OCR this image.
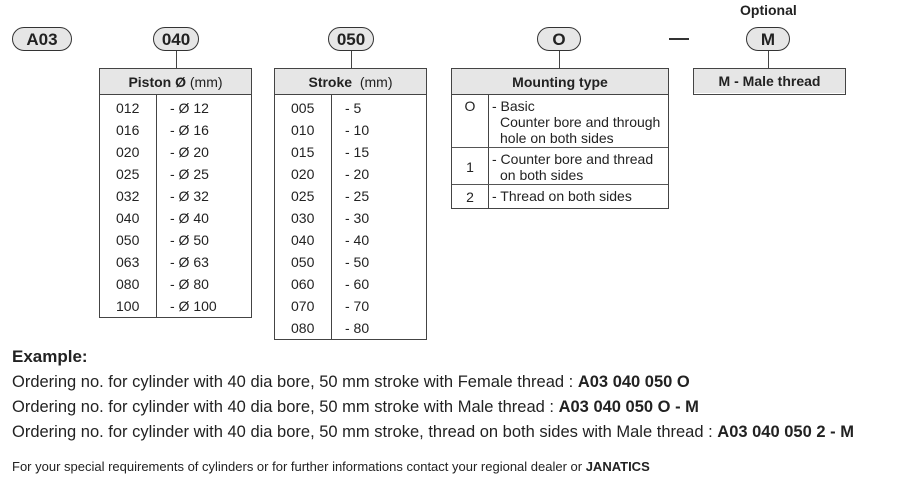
Optional
A03	040	050	O	M
Piston Ø (mm)
012 - Ø 12
016 - Ø 16
020 - Ø 20
025 - Ø 25
032 - Ø 32
040 - Ø 40
050 - Ø 50
063 - Ø 63
080 - Ø 80
100 - Ø 100
Stroke (mm)
005 - 5
010 - 10
015 - 15
020 - 20
025 - 25
030 - 30
040 - 40
050 - 50
060 - 60
070 - 70
080 - 80
Mounting type
O	- Basic
Counter bore and through
hole on both sides
1	- Counter bore and thread
on both sides
2	- Thread on both sides
M - Male thread
Example:
Ordering no. for cylinder with 40 dia bore, 50 mm stroke with Female thread : A03 040 050 O
Ordering no. for cylinder with 40 dia bore, 50 mm stroke with Male thread : A03 040 050 O - M
Ordering no. for cylinder with 40 dia bore, 50 mm stroke, thread on both sides with Male thread : A03 040 050 2 - M
For your special requirements of cylinders or for further informations contact your regional dealer or JANATICS
